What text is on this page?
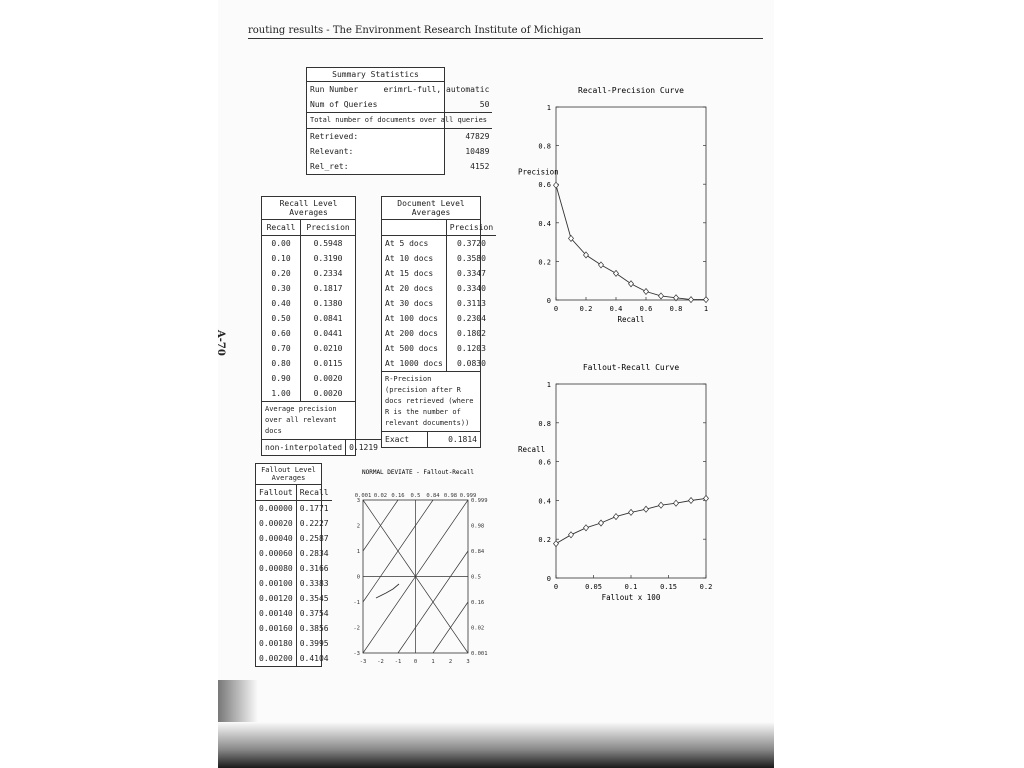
routing results - The Environment Research Institute of Michigan
A-70
Summary Statistics
Run Number	erimrL-full, automatic
Num of Queries	50
Total number of documents over all queries	
Retrieved:	47829
Relevant:	10489
Rel_ret:	4152
Recall Level Averages
Recall	Precision
0.00	0.5948
0.10	0.3190
0.20	0.2334
0.30	0.1817
0.40	0.1380
0.50	0.0841
0.60	0.0441
0.70	0.0210
0.80	0.0115
0.90	0.0020
1.00	0.0020
Average precision over all relevant docs
non-interpolated	0.1219
Document Level Averages
	Precision
At 5 docs	0.3720
At 10 docs	0.3580
At 15 docs	0.3347
At 20 docs	0.3340
At 30 docs	0.3113
At 100 docs	0.2304
At 200 docs	0.1802
At 500 docs	0.1203
At 1000 docs	0.0830
R-Precision (precision after R docs retrieved (where R is the number of relevant documents))
Exact	0.1814
Fallout Level Averages
Fallout	Recall
0.00000	0.1771
0.00020	0.2227
0.00040	0.2587
0.00060	0.2834
0.00080	0.3166
0.00100	0.3383
0.00120	0.3545
0.00140	0.3754
0.00160	0.3856
0.00180	0.3995
0.00200	0.4104
NORMAL DEVIATE - Fallout-Recall
0.001 0.02 0.16 0.5 0.84 0.98 0.999
0.999
0.98
0.84
0.5
0.16
0.02
0.001
3
2
1
0
-1
-2
-3
-3 -2 -1 0	1	2	3
Recall-Precision Curve
0	0.2 0.4 0.6 0.8	1
0
0.2
0.4
0.6
0.8
1
Recall
Precision
Fallout-Recall Curve
0	0.05	0.1	0.15	0.2
0
0.2
0.4
0.6
0.8
1
Fallout x 100
Recall
